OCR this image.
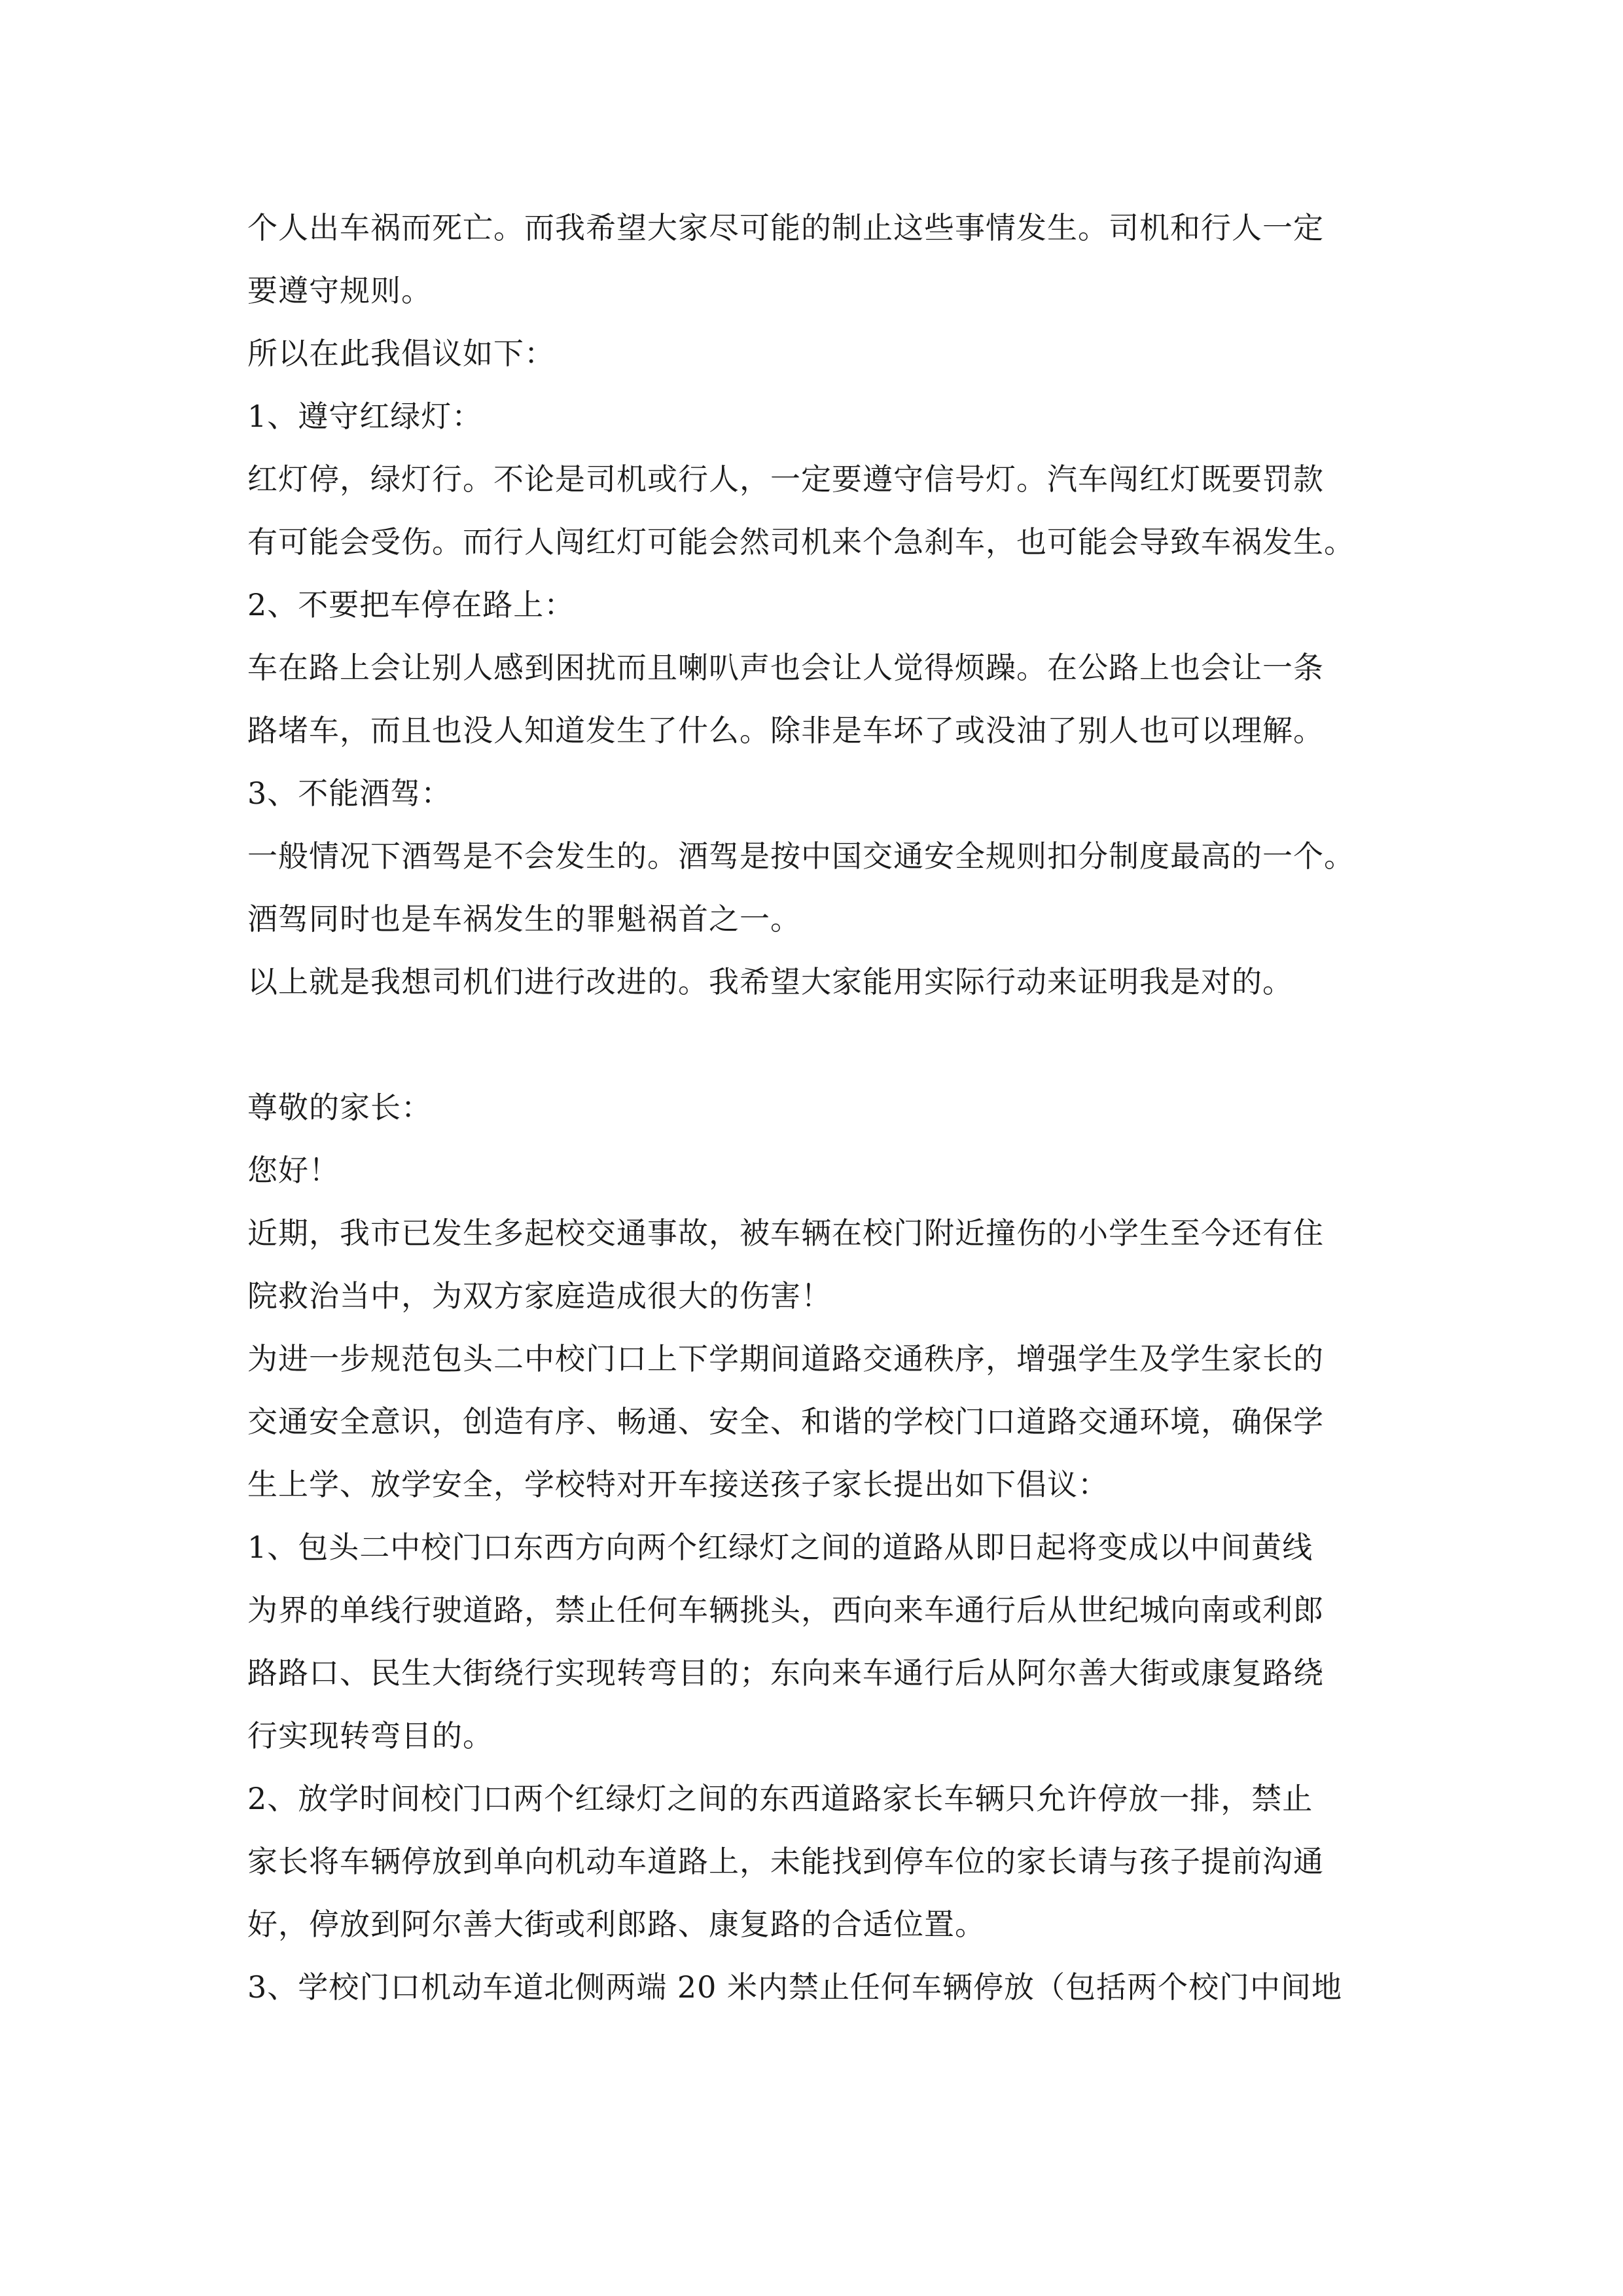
个人出车祸而死亡。而我希望大家尽可能的制止这些事情发生。司机和行人一定
要遵守规则。
所以在此我倡议如下：
1、遵守红绿灯：
红灯停，绿灯行。不论是司机或行人，一定要遵守信号灯。汽车闯红灯既要罚款
有可能会受伤。而行人闯红灯可能会然司机来个急刹车，也可能会导致车祸发生。
2、不要把车停在路上：
车在路上会让别人感到困扰而且喇叭声也会让人觉得烦躁。在公路上也会让一条
路堵车，而且也没人知道发生了什么。除非是车坏了或没油了别人也可以理解。
3、不能酒驾：
一般情况下酒驾是不会发生的。酒驾是按中国交通安全规则扣分制度最高的一个。
酒驾同时也是车祸发生的罪魁祸首之一。
以上就是我想司机们进行改进的。我希望大家能用实际行动来证明我是对的。
尊敬的家长：
您好！
近期，我市已发生多起校交通事故，被车辆在校门附近撞伤的小学生至今还有住
院救治当中，为双方家庭造成很大的伤害！
为进一步规范包头二中校门口上下学期间道路交通秩序，增强学生及学生家长的
交通安全意识，创造有序、畅通、安全、和谐的学校门口道路交通环境，确保学
生上学、放学安全，学校特对开车接送孩子家长提出如下倡议：
1、包头二中校门口东西方向两个红绿灯之间的道路从即日起将变成以中间黄线
为界的单线行驶道路，禁止任何车辆挑头，西向来车通行后从世纪城向南或利郎
路路口、民生大街绕行实现转弯目的；东向来车通行后从阿尔善大街或康复路绕
行实现转弯目的。
2、放学时间校门口两个红绿灯之间的东西道路家长车辆只允许停放一排，禁止
家长将车辆停放到单向机动车道路上，未能找到停车位的家长请与孩子提前沟通
好，停放到阿尔善大街或利郎路、康复路的合适位置。
3、学校门口机动车道北侧两端 20 米内禁止任何车辆停放（包括两个校门中间地
